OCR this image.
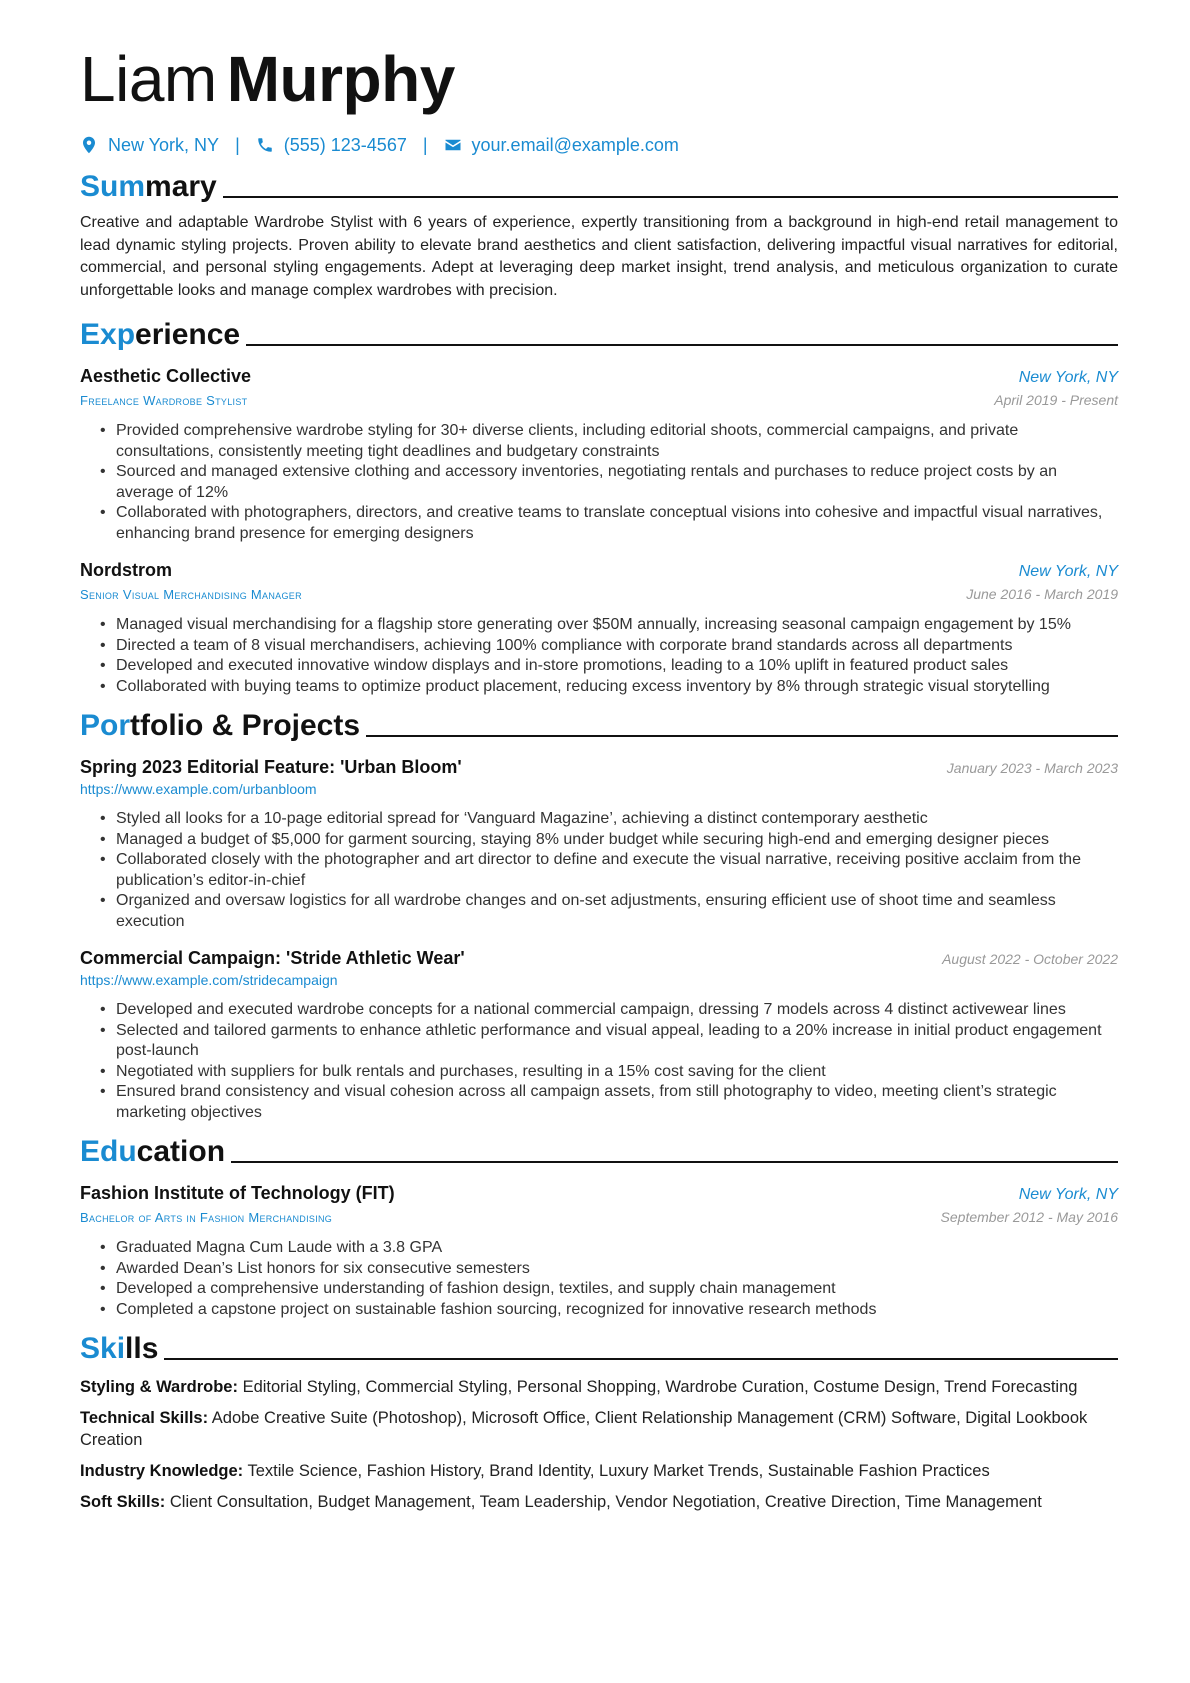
Liam Murphy
New York, NY | (555) 123-4567 | your.email@example.com
Summary
Creative and adaptable Wardrobe Stylist with 6 years of experience, expertly transitioning from a background in high-end retail management to lead dynamic styling projects. Proven ability to elevate brand aesthetics and client satisfaction, delivering impactful visual narratives for editorial, commercial, and personal styling engagements. Adept at leveraging deep market insight, trend analysis, and meticulous organization to curate unforgettable looks and manage complex wardrobes with precision.
Experience
Aesthetic Collective	New York, NY
Freelance Wardrobe Stylist	April 2019 - Present
• Provided comprehensive wardrobe styling for 30+ diverse clients, including editorial shoots, commercial campaigns, and private consultations, consistently meeting tight deadlines and budgetary constraints
• Sourced and managed extensive clothing and accessory inventories, negotiating rentals and purchases to reduce project costs by an average of 12%
• Collaborated with photographers, directors, and creative teams to translate conceptual visions into cohesive and impactful visual narratives, enhancing brand presence for emerging designers
Nordstrom	New York, NY
Senior Visual Merchandising Manager	June 2016 - March 2019
• Managed visual merchandising for a flagship store generating over $50M annually, increasing seasonal campaign engagement by 15%
• Directed a team of 8 visual merchandisers, achieving 100% compliance with corporate brand standards across all departments
• Developed and executed innovative window displays and in-store promotions, leading to a 10% uplift in featured product sales
• Collaborated with buying teams to optimize product placement, reducing excess inventory by 8% through strategic visual storytelling
Portfolio & Projects
Spring 2023 Editorial Feature: 'Urban Bloom'	January 2023 - March 2023
https://www.example.com/urbanbloom
• Styled all looks for a 10-page editorial spread for ‘Vanguard Magazine’, achieving a distinct contemporary aesthetic
• Managed a budget of $5,000 for garment sourcing, staying 8% under budget while securing high-end and emerging designer pieces
• Collaborated closely with the photographer and art director to define and execute the visual narrative, receiving positive acclaim from the publication’s editor-in-chief
• Organized and oversaw logistics for all wardrobe changes and on-set adjustments, ensuring efficient use of shoot time and seamless execution
Commercial Campaign: 'Stride Athletic Wear'	August 2022 - October 2022
https://www.example.com/stridecampaign
• Developed and executed wardrobe concepts for a national commercial campaign, dressing 7 models across 4 distinct activewear lines
• Selected and tailored garments to enhance athletic performance and visual appeal, leading to a 20% increase in initial product engagement post-launch
• Negotiated with suppliers for bulk rentals and purchases, resulting in a 15% cost saving for the client
• Ensured brand consistency and visual cohesion across all campaign assets, from still photography to video, meeting client’s strategic marketing objectives
Education
Fashion Institute of Technology (FIT)	New York, NY
Bachelor of Arts in Fashion Merchandising	September 2012 - May 2016
• Graduated Magna Cum Laude with a 3.8 GPA
• Awarded Dean’s List honors for six consecutive semesters
• Developed a comprehensive understanding of fashion design, textiles, and supply chain management
• Completed a capstone project on sustainable fashion sourcing, recognized for innovative research methods
Skills
Styling & Wardrobe: Editorial Styling, Commercial Styling, Personal Shopping, Wardrobe Curation, Costume Design, Trend Forecasting
Technical Skills: Adobe Creative Suite (Photoshop), Microsoft Office, Client Relationship Management (CRM) Software, Digital Lookbook Creation
Industry Knowledge: Textile Science, Fashion History, Brand Identity, Luxury Market Trends, Sustainable Fashion Practices
Soft Skills: Client Consultation, Budget Management, Team Leadership, Vendor Negotiation, Creative Direction, Time Management
